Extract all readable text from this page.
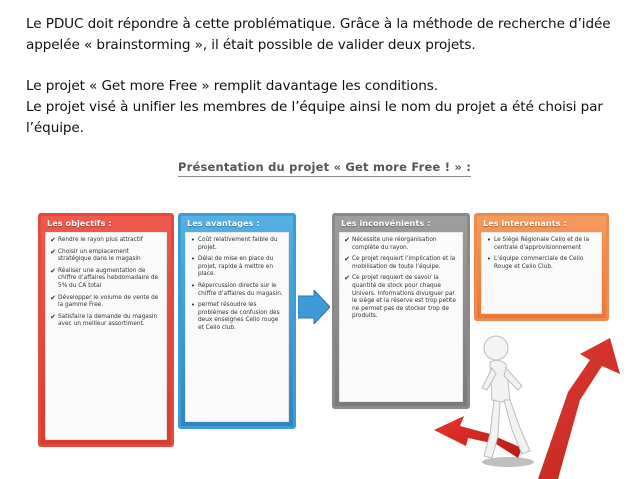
Le PDUC doit répondre à cette problématique. Grâce à la méthode de recherche d’idée appelée « brainstorming », il était possible de valider deux projets.

Le projet « Get more Free » remplit davantage les conditions.

Le projet visé à unifier les membres de l’équipe ainsi le nom du projet a été choisi par l’équipe.

Présentation du projet « Get more Free ! » :
Les objectifs :
✔ Rendre le rayon plus attractif
✔ Choisir un emplacement stratégique dans le magasin
✔ Réaliser une augmentation de chiffre d’affaires hebdomadaire de 5% du CA total
✔ Développer le volume de vente de la gamme Free.
✔ Satisfaire la demande du magasin avec un meilleur assortiment.
Les avantages :
• Coût relativement faible du projet.
• Délai de mise en place du projet, rapide à mettre en place.
• Répercussion directe sur le chiffre d’affaires du magasin.
• permet résoudre les problèmes de confusion des deux enseignes Celio rouge et Celio club.
Les inconvénients :
✔ Nécessite une réorganisation complète du rayon.
✔ Ce projet requiert l’implication et la mobilisation de toute l’équipe.
✔ Ce projet requiert de savoir la quantité de stock pour chaque Univers. Informations divulguer par le siège et la réserve est trop petite ne permet pas de stocker trop de produits.
Les intervenants :
• Le Siège Régionale Celio et de la centrale d’approvisionnement
• L’équipe commerciale de Celio Rouge et Celio Club.
